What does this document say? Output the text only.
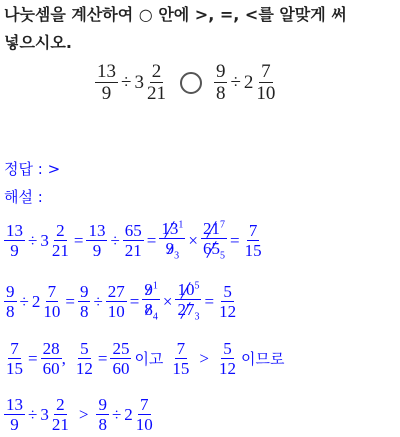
나눗셈을 계산하여 ○ 안에 >, =, <를 알맞게 써
넣으시오.
$\frac{13}{9} \div 3 \frac{2}{21} \frac{9}{8} \div 2 \frac{7}{10}$
정답 : >
해설 :
$\frac{13}{9} \div 3 \frac{2}{21} = \frac{13}{9} \div \frac{65}{21} = 13$
$^1$
9
$_3$ × 21
$^7$
65
$_5 = \frac{7}{15}$
$\frac{9}{8} \div 2 \frac{7}{10} = \frac{9}{8} \div \frac{27}{10} = 9$
$^1$
8
$_4$ × 10
$^5$
27
$_3 = \frac{5}{12}$
$\frac{7}{15} = \frac{28}{60}$ , $\frac{5}{12} = \frac{25}{60}$ 이고 $\frac{7}{15} > \frac{5}{12}$ 이므로
$\frac{13}{9} \div 3 \frac{2}{21} > \frac{9}{8} \div 2 \frac{7}{10}$
